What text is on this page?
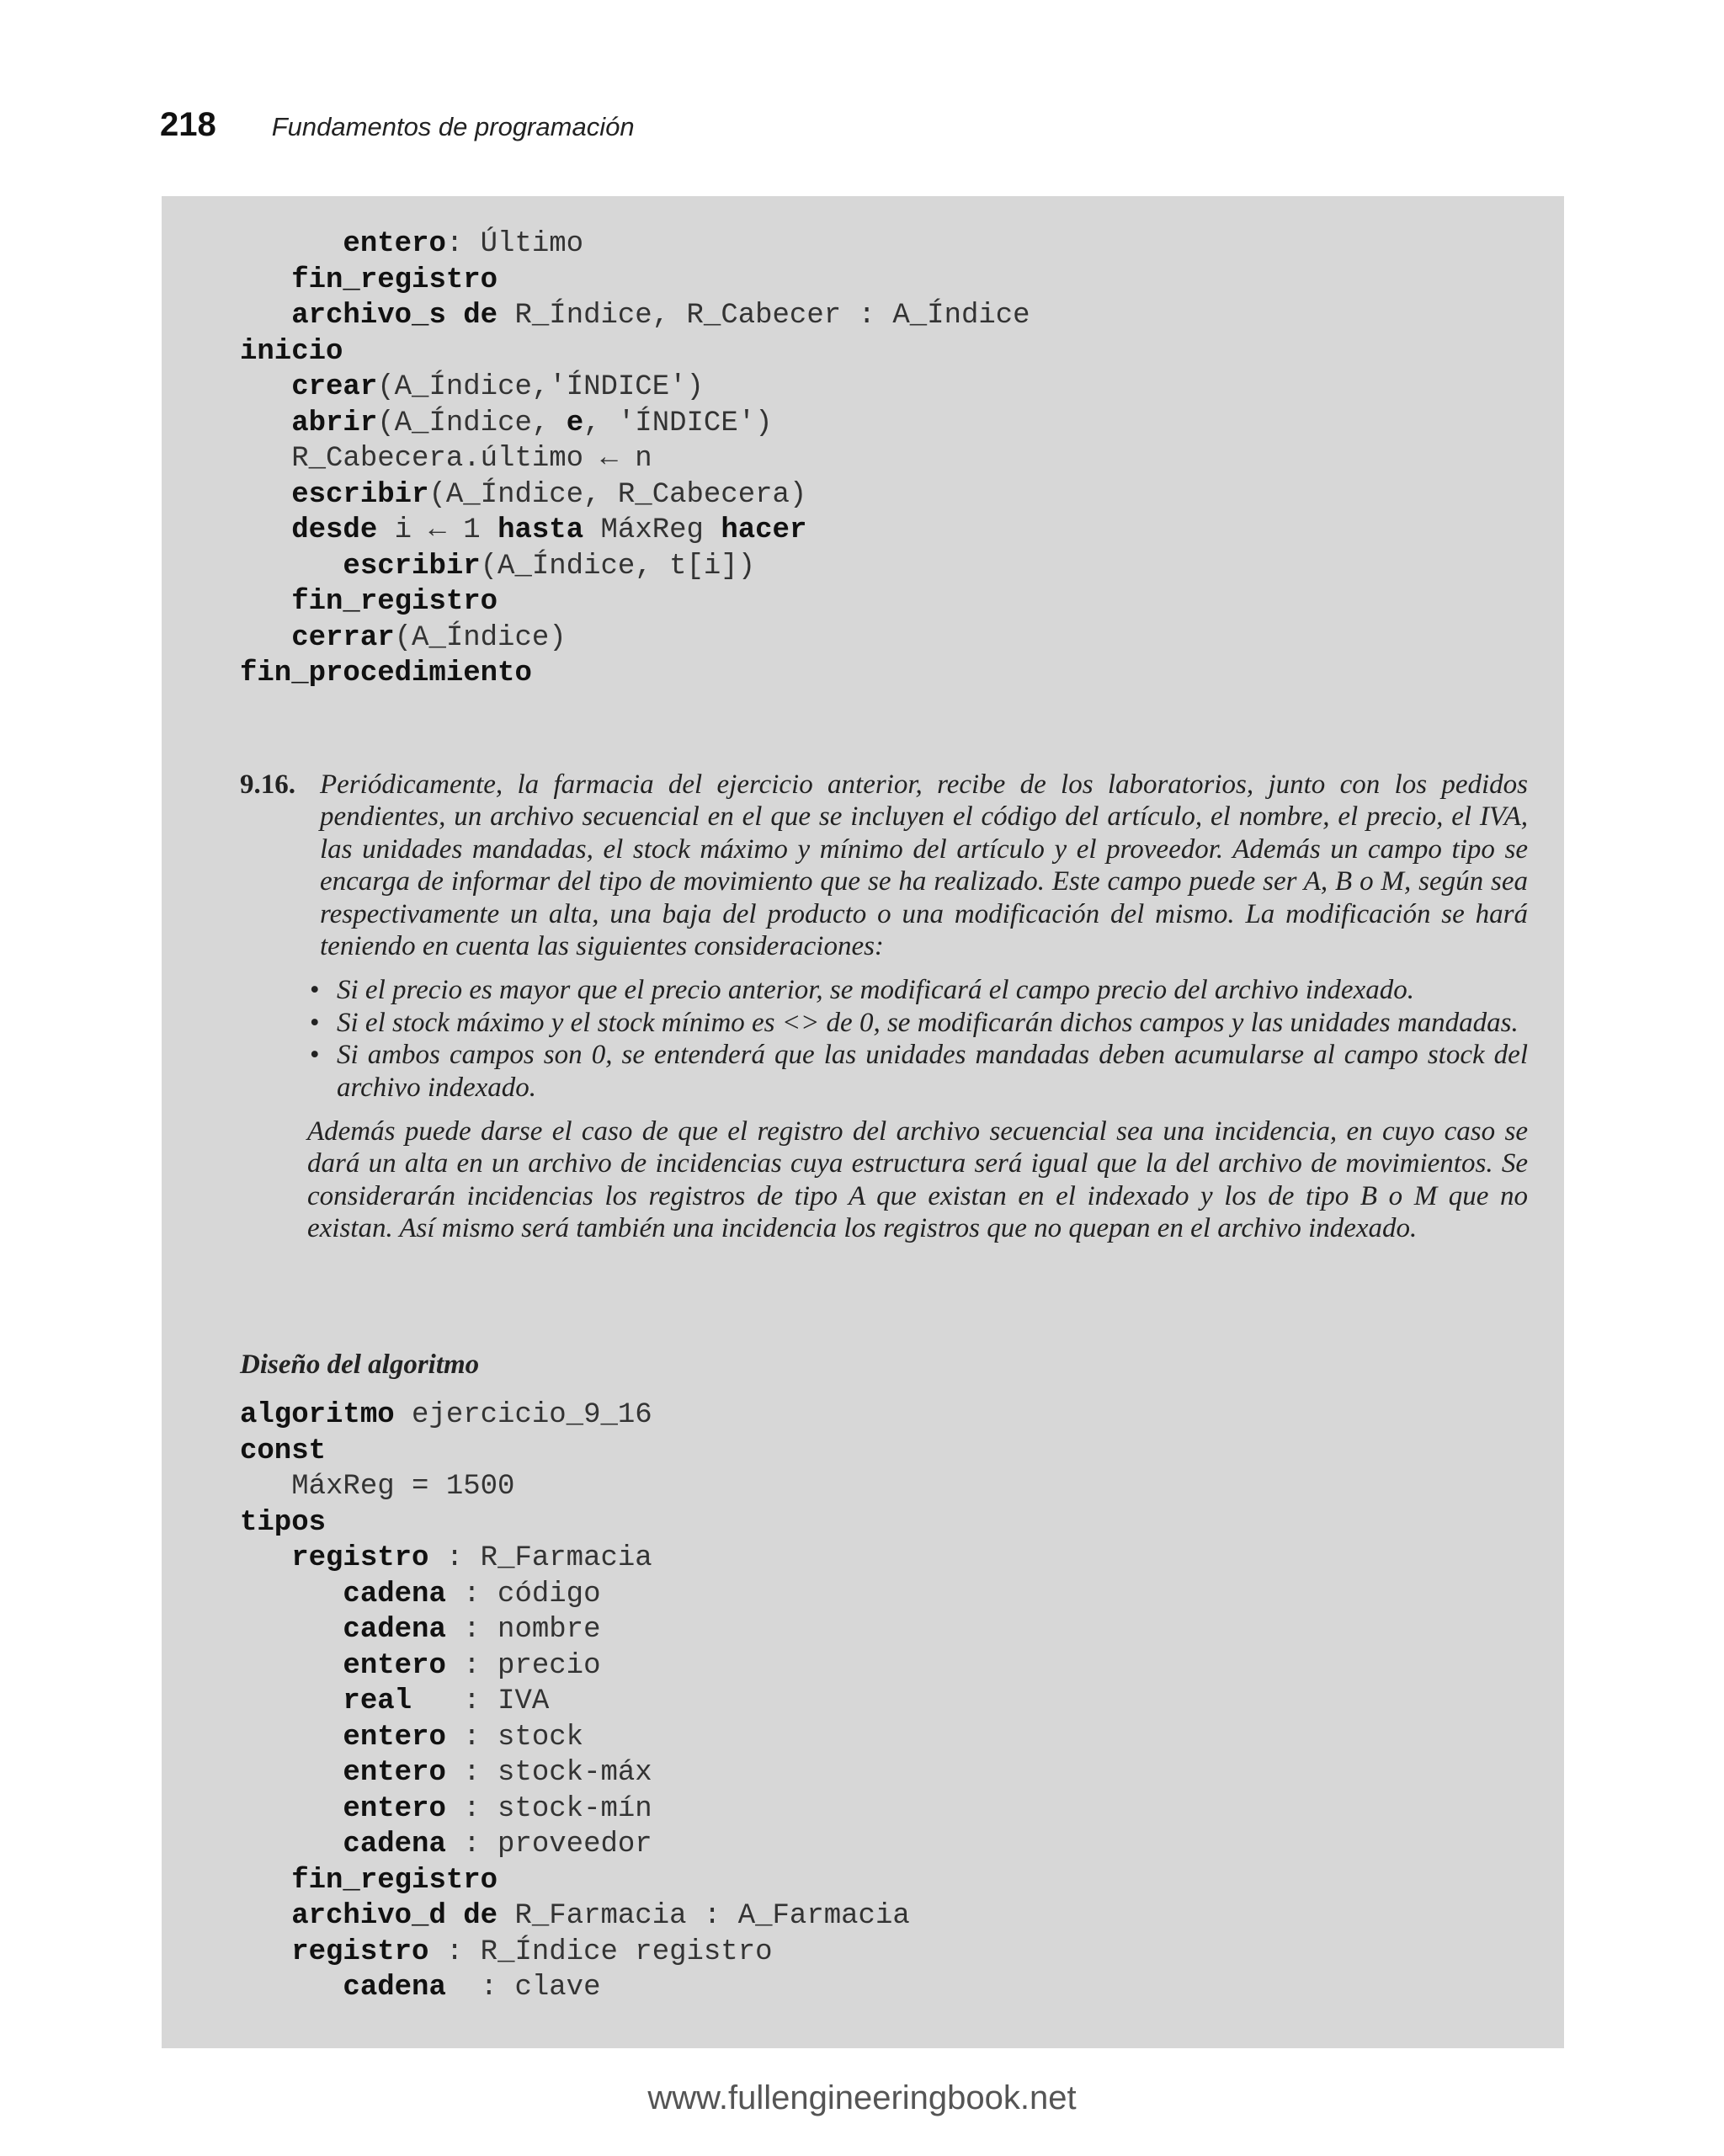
218 Fundamentos de programación
entero: Último
fin_registro
archivo_s de R_Índice, R_Cabecer : A_Índice
inicio
crear(A_Índice,'ÍNDICE')
abrir(A_Índice, e, 'ÍNDICE')
R_Cabecera.último ← n
escribir(A_Índice, R_Cabecera)
desde i ← 1 hasta MáxReg hacer
escribir(A_Índice, t[i])
fin_registro
cerrar(A_Índice)
fin_procedimiento
9.16. Periódicamente, la farmacia del ejercicio anterior, recibe de los laboratorios, junto con los pedidos pendientes, un archivo secuencial en el que se incluyen el código del artículo, el nombre, el precio, el IVA, las unidades mandadas, el stock máximo y mínimo del artículo y el proveedor. Además un campo tipo se encarga de informar del tipo de movimiento que se ha realizado. Este campo puede ser A, B o M, según sea respectivamente un alta, una baja del producto o una modificación del mismo. La modificación se hará teniendo en cuenta las siguientes consideraciones:

• Si el precio es mayor que el precio anterior, se modificará el campo precio del archivo indexado.
• Si el stock máximo y el stock mínimo es <> de 0, se modificarán dichos campos y las unidades mandadas.
• Si ambos campos son 0, se entenderá que las unidades mandadas deben acumularse al campo stock del archivo indexado.

Además puede darse el caso de que el registro del archivo secuencial sea una incidencia, en cuyo caso se dará un alta en un archivo de incidencias cuya estructura será igual que la del archivo de movimientos. Se considerarán incidencias los registros de tipo A que existan en el indexado y los de tipo B o M que no existan. Así mismo será también una incidencia los registros que no quepan en el archivo indexado.

Diseño del algoritmo
algoritmo ejercicio_9_16
const
MáxReg = 1500
tipos
registro : R_Farmacia
cadena : código
cadena : nombre
entero : precio
real   : IVA
entero : stock
entero : stock-máx
entero : stock-mín
cadena : proveedor
fin_registro
archivo_d de R_Farmacia : A_Farmacia
registro : R_Índice registro
cadena  : clave
www.fullengineeringbook.net
